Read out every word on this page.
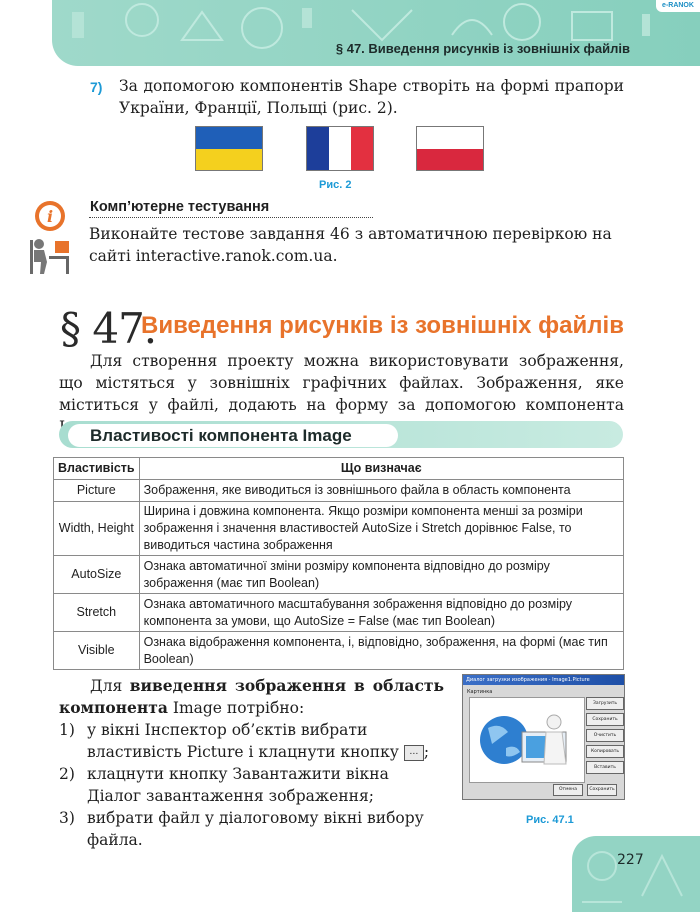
§ 47. Виведення рисунків із зовнішніх файлів
e-RANOK
7) За допомогою компонентів Shape створіть на формі прапори України, Франції, Польщі (рис. 2).
Рис. 2
i	Комп’ютерне тестування
Виконайте тестове завдання 46 з автоматичною перевіркою на сайті interactive.ranok.com.ua.
§ 47.
Виведення рисунків із зовнішніх файлів
Для створення проекту можна використовувати зображення, що містяться у зовнішніх графічних файлах. Зображення, яке міститься у файлі, додають на форму за допомогою компонента
Властивості компонента Image
Властивість	Що визначає
Picture	Зображення, яке виводиться із зовнішнього файла в область компонента
Width, Height	Ширина і довжина компонента. Якщо розміри компонента менші за розміри зображення і значення властивостей AutoSize і Stretch дорівнює False, то виводиться частина зображення
AutoSize	Ознака автоматичної зміни розміру компонента відповідно до розміру зображення (має тип Boolean)
Stretch	Ознака автоматичного масштабування зображення відповідно до розміру компонента за умови, що AutoSize = False (має тип Boolean)
Visible	Ознака відображення компонента, і, відповідно, зображення, на формі (має тип Boolean)

Для виведення зображення в область компонента Image потрібно:

1) у вікні Інспектор об’єктів вибрати властивість Picture і клацнути кнопку … ;
2) клацнути кнопку Завантажити вікна Діалог завантаження зображення;
3) вибрати файл у діалоговому вікні вибору файла.
Диалог загрузки изображения - Image1.Picture
Картинка
Загрузить
Сохранить
Очистить
Копировать
Вставить
Отмена	Сохранить
Рис. 47.1
227
